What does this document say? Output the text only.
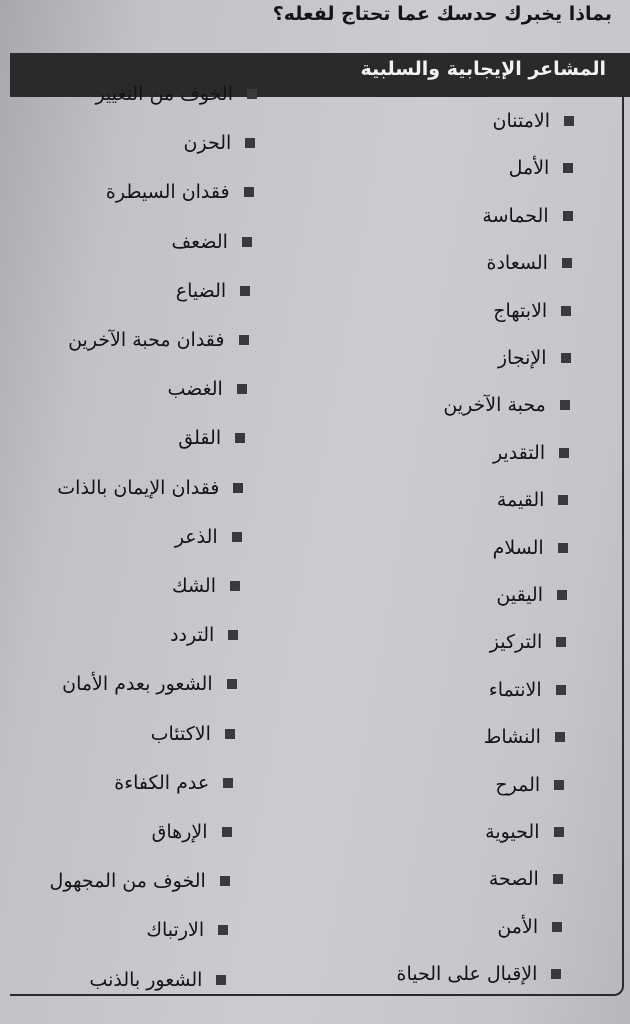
بماذا يخبرك حدسك عما تحتاج لفعله؟
المشاعر الإيجابية والسلبية
الامتنان
الأمل
الحماسة
السعادة
الابتهاج
الإنجاز
محبة الآخرين
التقدير
القيمة
السلام
اليقين
التركيز
الانتماء
النشاط
المرح
الحيوية
الصحة
الأمن
الإقبال على الحياة
الخوف من التغيير
الحزن
فقدان السيطرة
الضعف
الضياع
فقدان محبة الآخرين
الغضب
القلق
فقدان الإيمان بالذات
الذعر
الشك
التردد
الشعور بعدم الأمان
الاكتئاب
عدم الكفاءة
الإرهاق
الخوف من المجهول
الارتباك
الشعور بالذنب
